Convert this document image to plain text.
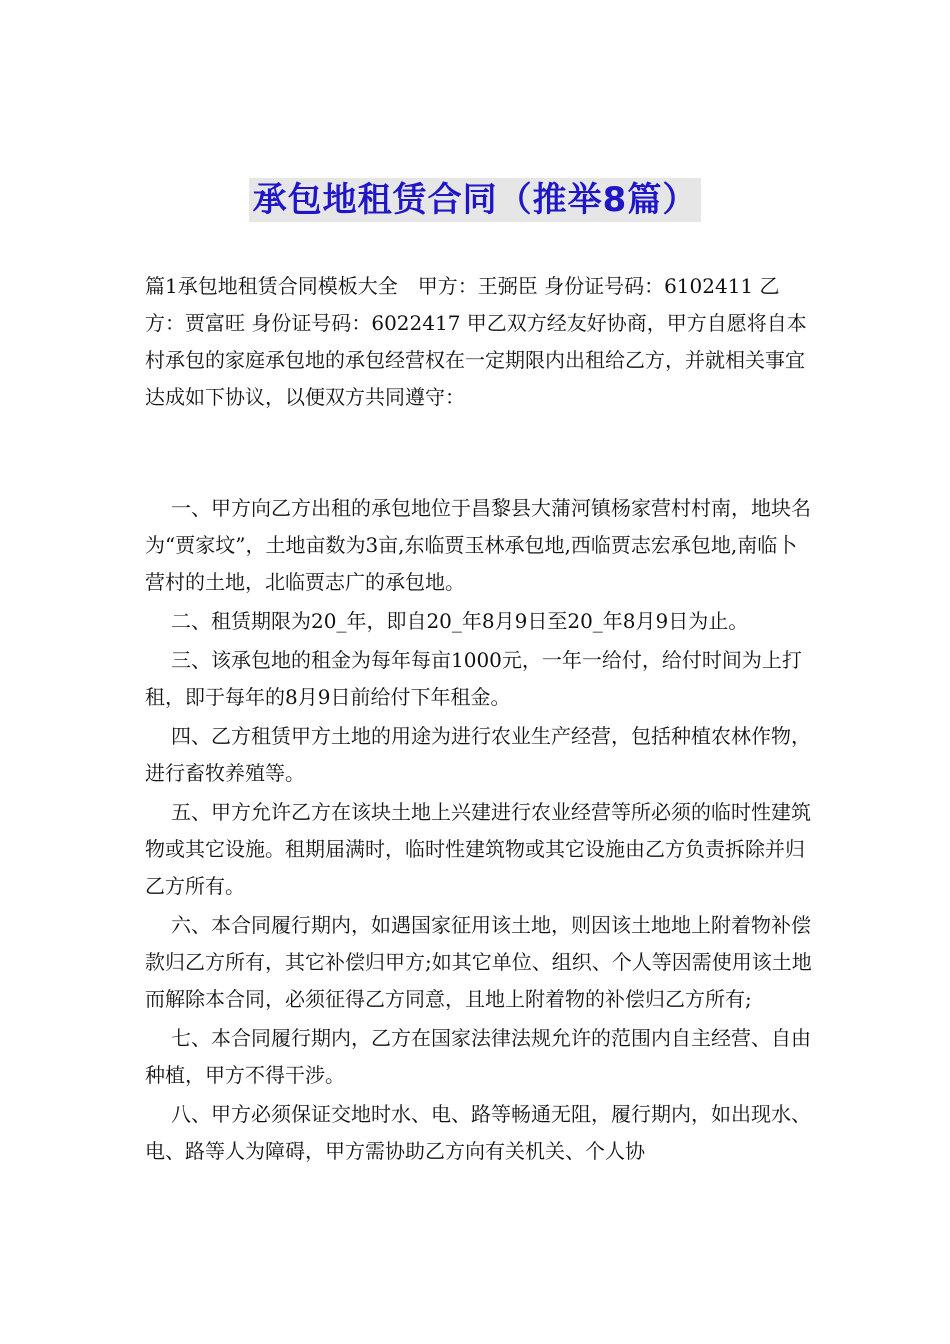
承包地租赁合同（推举8篇）

篇1承包地租赁合同模板大全　甲方：王弼臣 身份证号码：6102411 乙方：贾富旺 身份证号码：6022417 甲乙双方经友好协商，甲方自愿将自本村承包的家庭承包地的承包经营权在一定期限内出租给乙方，并就相关事宜达成如下协议，以便双方共同遵守：

一、甲方向乙方出租的承包地位于昌黎县大蒲河镇杨家营村村南，地块名为“贾家坟”，土地亩数为3亩,东临贾玉林承包地,西临贾志宏承包地,南临卜营村的土地，北临贾志广的承包地。

二、租赁期限为20_年，即自20_年8月9日至20_年8月9日为止。

三、该承包地的租金为每年每亩1000元，一年一给付，给付时间为上打租，即于每年的8月9日前给付下年租金。

四、乙方租赁甲方土地的用途为进行农业生产经营，包括种植农林作物，进行畜牧养殖等。

五、甲方允许乙方在该块土地上兴建进行农业经营等所必须的临时性建筑物或其它设施。租期届满时，临时性建筑物或其它设施由乙方负责拆除并归乙方所有。

六、本合同履行期内，如遇国家征用该土地，则因该土地地上附着物补偿款归乙方所有，其它补偿归甲方;如其它单位、组织、个人等因需使用该土地而解除本合同，必须征得乙方同意，且地上附着物的补偿归乙方所有;

七、本合同履行期内，乙方在国家法律法规允许的范围内自主经营、自由种植，甲方不得干涉。

八、甲方必须保证交地时水、电、路等畅通无阻，履行期内，如出现水、电、路等人为障碍，甲方需协助乙方向有关机关、个人协
